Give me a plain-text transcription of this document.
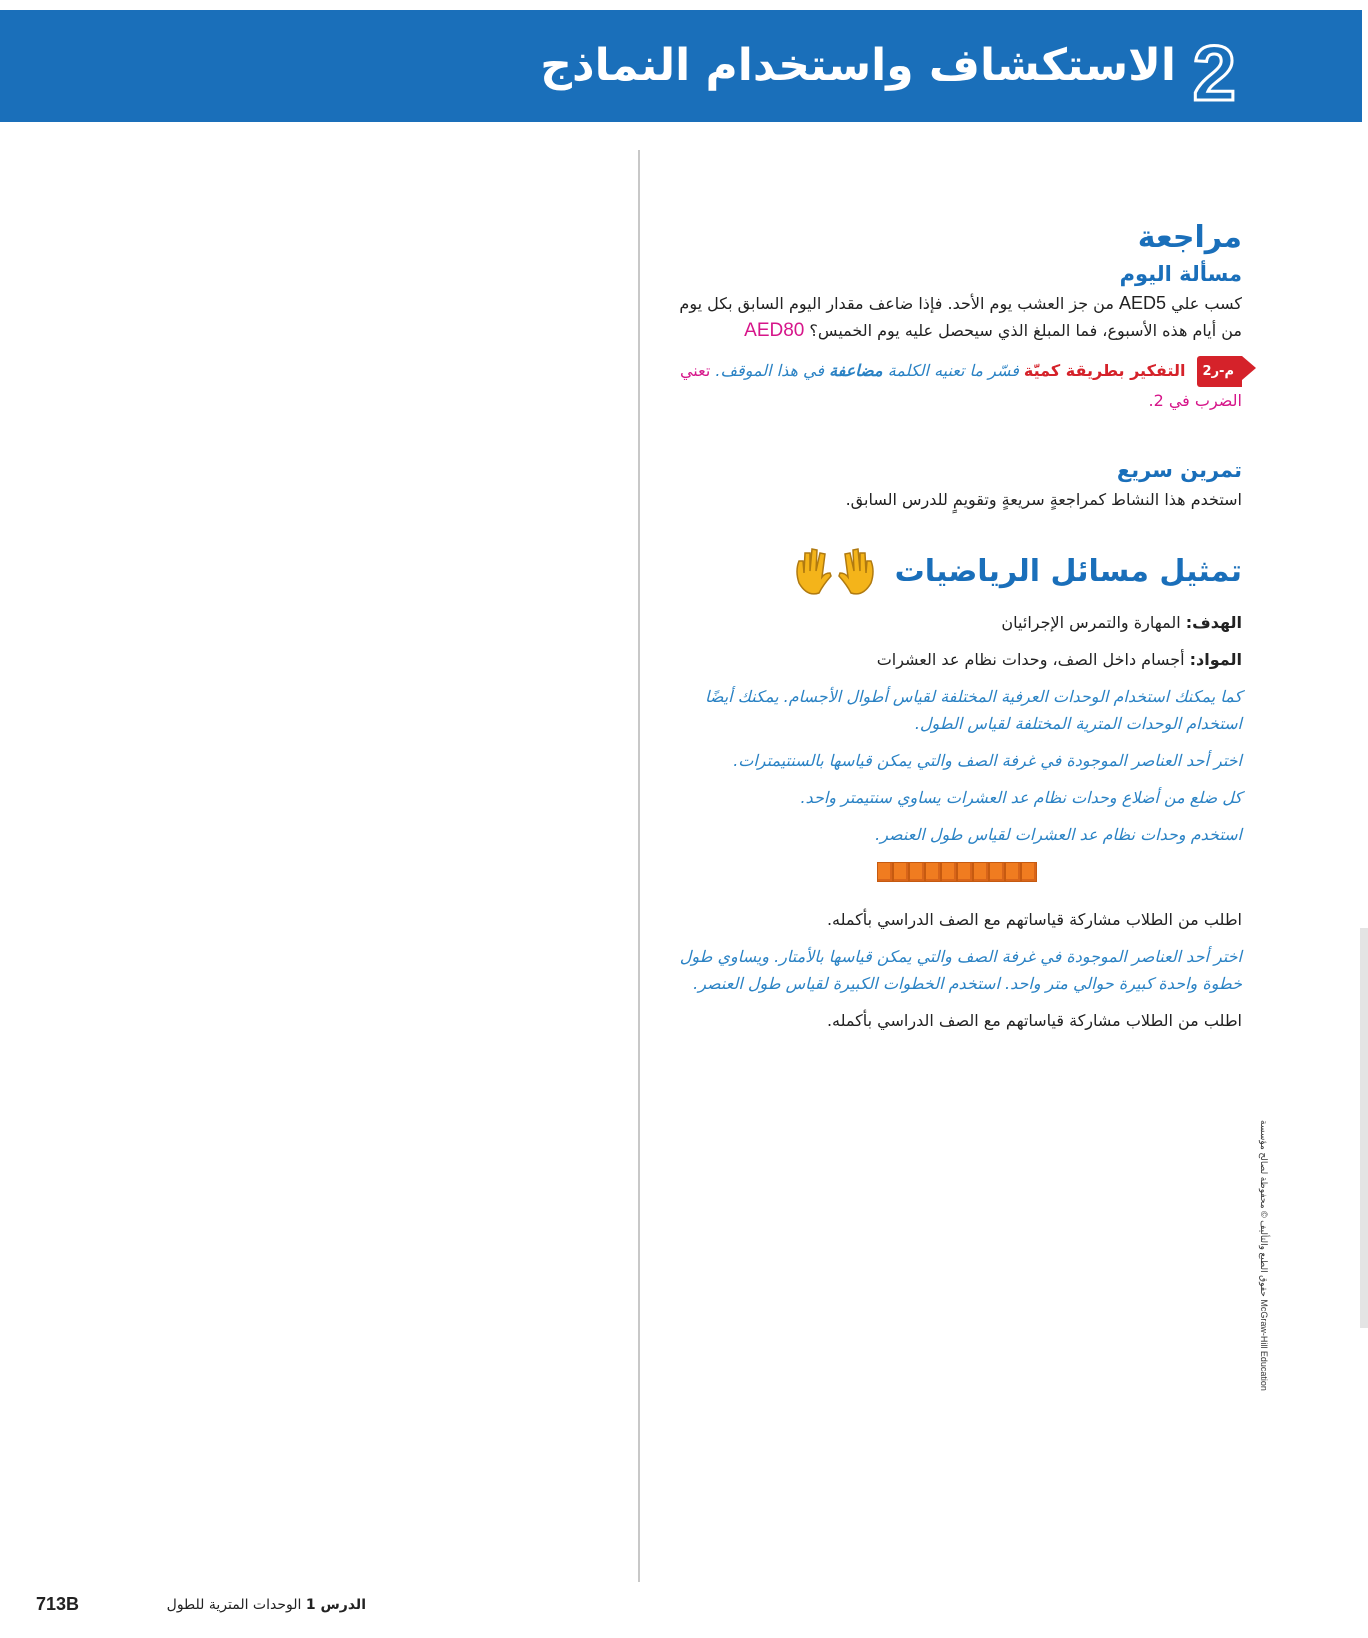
2
الاستكشاف واستخدام النماذج
مراجعة
مسألة اليوم

كسب علي AED5 من جز العشب يوم الأحد. فإذا ضاعف مقدار اليوم السابق بكل يوم من أيام هذه الأسبوع، فما المبلغ الذي سيحصل عليه يوم الخميس؟ AED80

م-ر2 التفكير بطريقة كميّة فسّر ما تعنيه الكلمة مضاعفة في هذا الموقف. تعني الضرب في 2.

تمرين سريع

استخدم هذا النشاط كمراجعةٍ سريعةٍ وتقويمٍ للدرس السابق.

تمثيل مسائل الرياضيات

الهدف: المهارة والتمرس الإجرائيان

المواد: أجسام داخل الصف، وحدات نظام عد العشرات

كما يمكنك استخدام الوحدات العرفية المختلفة لقياس أطوال الأجسام. يمكنك أيضًا استخدام الوحدات المترية المختلفة لقياس الطول.

اختر أحد العناصر الموجودة في غرفة الصف والتي يمكن قياسها بالسنتيمترات.

كل ضلع من أضلاع وحدات نظام عد العشرات يساوي سنتيمتر واحد.

استخدم وحدات نظام عد العشرات لقياس طول العنصر.

اطلب من الطلاب مشاركة قياساتهم مع الصف الدراسي بأكمله.

اختر أحد العناصر الموجودة في غرفة الصف والتي يمكن قياسها بالأمتار. ويساوي طول خطوة واحدة كبيرة حوالي متر واحد. استخدم الخطوات الكبيرة لقياس طول العنصر.

اطلب من الطلاب مشاركة قياساتهم مع الصف الدراسي بأكمله.

حقوق الطبع والتأليف © محفوظة لصالح مؤسسة McGraw-Hill Education
713B	الدرس 1 الوحدات المترية للطول
